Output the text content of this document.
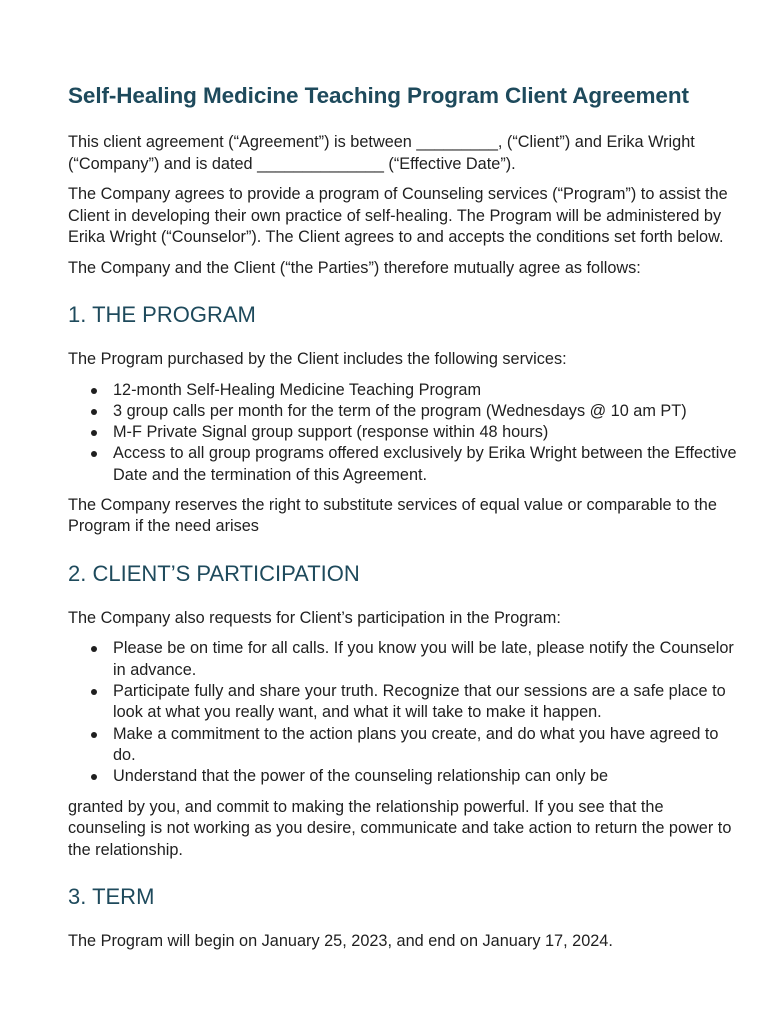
Self-Healing Medicine Teaching Program Client Agreement

This client agreement (“Agreement”) is between _________, (“Client”) and Erika Wright (“Company”) and is dated ______________ (“Effective Date”).

The Company agrees to provide a program of Counseling services (“Program”) to assist the Client in developing their own practice of self-healing. The Program will be administered by Erika Wright (“Counselor”). The Client agrees to and accepts the conditions set forth below.

The Company and the Client (“the Parties”) therefore mutually agree as follows:

1. THE PROGRAM

The Program purchased by the Client includes the following services:

12-month Self-Healing Medicine Teaching Program
3 group calls per month for the term of the program (Wednesdays @ 10 am PT)
M-F Private Signal group support (response within 48 hours)
Access to all group programs offered exclusively by Erika Wright between the Effective Date and the termination of this Agreement.

The Company reserves the right to substitute services of equal value or comparable to the Program if the need arises

2. CLIENT’S PARTICIPATION

The Company also requests for Client’s participation in the Program:

Please be on time for all calls. If you know you will be late, please notify the Counselor in advance.
Participate fully and share your truth. Recognize that our sessions are a safe place to look at what you really want, and what it will take to make it happen.
Make a commitment to the action plans you create, and do what you have agreed to do.
Understand that the power of the counseling relationship can only be

granted by you, and commit to making the relationship powerful. If you see that the counseling is not working as you desire, communicate and take action to return the power to the relationship.

3. TERM

The Program will begin on January 25, 2023, and end on January 17, 2024.
